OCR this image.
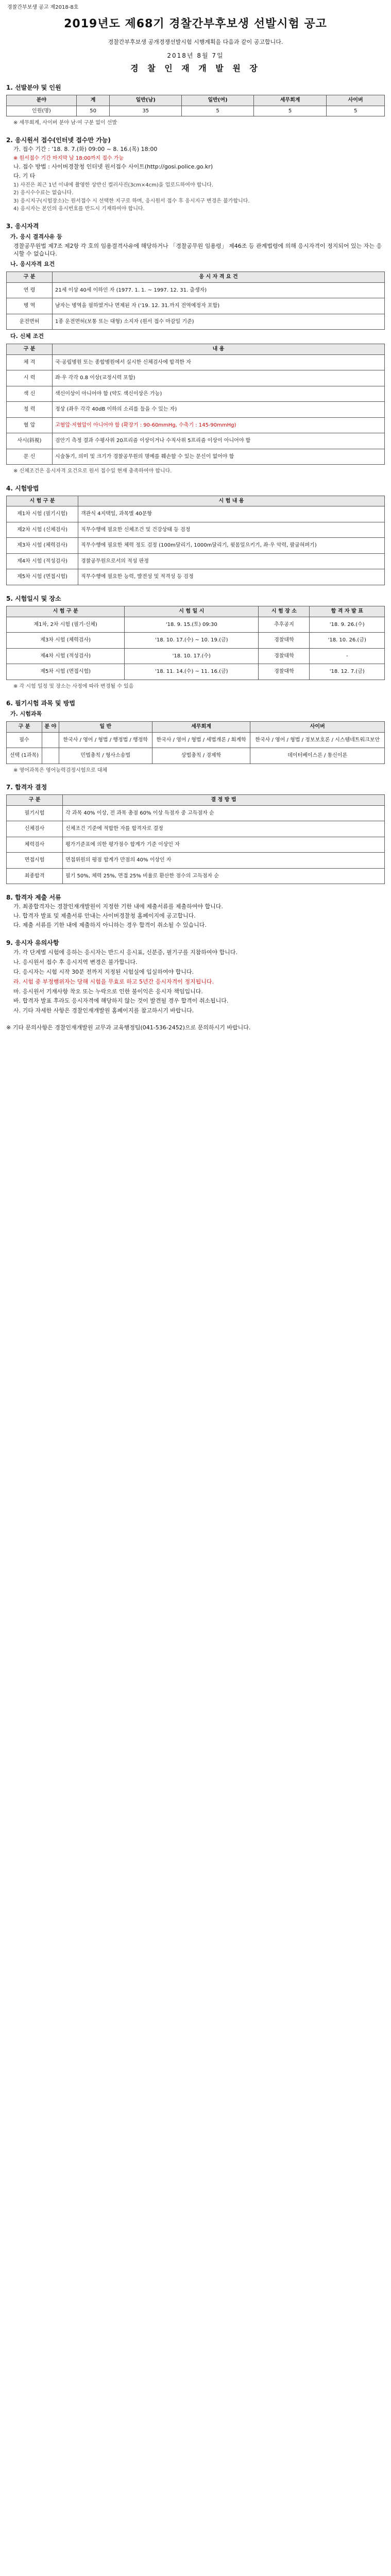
경찰간부보생 공고 제2018-8호
2019년도 제68기 경찰간부후보생 선발시험 공고
경찰간부후보생 공개경쟁선발시험 시행계획을 다음과 같이 공고합니다.
2018년 8월 7일
경 찰 인 재 개 발 원 장
1. 선발분야 및 인원
분야	계	일반(남)	일반(여)	세무회계	사이버
인원(명)	50	35	5	5	5
※ 세무회계, 사이버 분야 남·여 구분 없이 선발
2. 응시원서 접수(인터넷 접수만 가능)
가. 접수 기간 : '18. 8. 7.(화) 09:00 ~ 8. 16.(목) 18:00
※ 원서접수 기간 마지막 날 18:00까지 접수 가능
나. 접수 방법 : 사이버경찰청 인터넷 원서접수 사이트(http://gosi.police.go.kr)
다. 기 타
1) 사진은 최근 1년 이내에 촬영한 상반신 컬러사진(3cm×4cm)을 업로드하여야 합니다.
2) 응시수수료는 없습니다.
3) 응시지구(시험장소)는 원서접수 시 선택한 지구로 하며, 응시원서 접수 후 응시지구 변경은 불가합니다.
4) 응시자는 본인의 응시번호를 반드시 기재하여야 합니다.
3. 응시자격
가. 응시 결격사유 등
경찰공무원법 제7조 제2항 각 호의 임용결격사유에 해당하거나 「경찰공무원 임용령」 제46조 등 관계법령에 의해 응시자격이 정지되어 있는 자는 응시할 수 없습니다.
나. 응시자격 요건
구 분	응 시 자 격 요 건
연 령	21세 이상 40세 이하인 자 (1977. 1. 1. ~ 1997. 12. 31. 출생자)
병 역	남자는 병역을 필하였거나 면제된 자 (‘19. 12. 31.까지 전역예정자 포함)
운전면허	1종 운전면허(보통 또는 대형) 소지자 (원서 접수 마감일 기준)
다. 신체 조건
구 분	내 용
체 격	국·공립병원 또는 종합병원에서 실시한 신체검사에 합격한 자
시 력	좌·우 각각 0.8 이상(교정시력 포함)
색 신	색신이상이 아니어야 함 (약도 색신이상은 가능)
청 력	정상 (좌우 각각 40dB 이하의 소리를 들을 수 있는 자)
혈 압	고혈압·저혈압이 아니어야 함 (확장기 : 90-60mmHg, 수축기 : 145-90mmHg)
사시(斜視)	검안기 측정 결과 수평사위 20프리즘 이상이거나 수직사위 5프리즘 이상이 아니어야 함
문 신	시술동기, 의미 및 크기가 경찰공무원의 명예를 훼손할 수 있는 문신이 없어야 함
※ 신체조건은 응시자격 요건으로 원서 접수일 현재 충족하여야 합니다.
4. 시험방법
시 험 구 분	시 험 내 용
제1차 시험 (필기시험)	객관식 4지택일, 과목별 40문항
제2차 시험 (신체검사)	직무수행에 필요한 신체조건 및 건강상태 등 검정
제3차 시험 (체력검사)	직무수행에 필요한 체력 정도 검정 (100m달리기, 1000m달리기, 윗몸일으키기, 좌·우 악력, 팔굽혀펴기)
제4차 시험 (적성검사)	경찰공무원으로서의 적성 판정
제5차 시험 (면접시험)	직무수행에 필요한 능력, 발전성 및 적격성 등 검정
5. 시험일시 및 장소
시 험 구 분	시 험 일 시	시 험 장 소	합 격 자 발 표
제1차, 2차 시험 (필기·신체)	'18. 9. 15.(토) 09:30	추후공지	'18. 9. 26.(수)
제3차 시험 (체력검사)	'18. 10. 17.(수) ~ 10. 19.(금)	경찰대학	'18. 10. 26.(금)
제4차 시험 (적성검사)	'18. 10. 17.(수)	경찰대학	-
제5차 시험 (면접시험)	'18. 11. 14.(수) ~ 11. 16.(금)	경찰대학	'18. 12. 7.(금)
※ 각 시험 일정 및 장소는 사정에 따라 변경될 수 있음
6. 필기시험 과목 및 방법
가. 시험과목
구 분	분 야	일 반	세무회계	사이버
필수		한국사 / 영어 / 형법 / 행정법 / 행정학	한국사 / 영어 / 형법 / 세법개론 / 회계학	한국사 / 영어 / 형법 / 정보보호론 / 시스템네트워크보안
선택 (1과목)		민법총칙 / 형사소송법	상법총칙 / 경제학	데이터베이스론 / 통신이론
※ 영어과목은 영어능력검정시험으로 대체
7. 합격자 결정
구 분	결 정 방 법
필기시험	각 과목 40% 이상, 전 과목 총점 60% 이상 득점자 중 고득점자 순
신체검사	신체조건 기준에 적합한 자를 합격자로 결정
체력검사	평가기준표에 의한 평가점수 합계가 기준 이상인 자
면접시험	면접위원의 평점 합계가 만점의 40% 이상인 자
최종합격	필기 50%, 체력 25%, 면접 25% 비율로 환산한 점수의 고득점자 순
8. 합격자 제출 서류
가. 최종합격자는 경찰인재개발원이 지정한 기한 내에 제출서류를 제출하여야 합니다.
나. 합격자 발표 및 제출서류 안내는 사이버경찰청 홈페이지에 공고합니다.
다. 제출 서류를 기한 내에 제출하지 아니하는 경우 합격이 취소될 수 있습니다.
9. 응시자 유의사항
가. 각 단계별 시험에 응하는 응시자는 반드시 응시표, 신분증, 필기구를 지참하여야 합니다.
나. 응시원서 접수 후 응시지역 변경은 불가합니다.
다. 응시자는 시험 시작 30분 전까지 지정된 시험실에 입실하여야 합니다.
라. 시험 중 부정행위자는 당해 시험을 무효로 하고 5년간 응시자격이 정지됩니다.
마. 응시원서 기재사항 착오 또는 누락으로 인한 불이익은 응시자 책임입니다.
바. 합격자 발표 후라도 응시자격에 해당하지 않는 것이 발견될 경우 합격이 취소됩니다.
사. 기타 자세한 사항은 경찰인재개발원 홈페이지를 참고하시기 바랍니다.
※ 기타 문의사항은 경찰인재개발원 교무과 교육행정팀(041-536-2452)으로 문의하시기 바랍니다.
